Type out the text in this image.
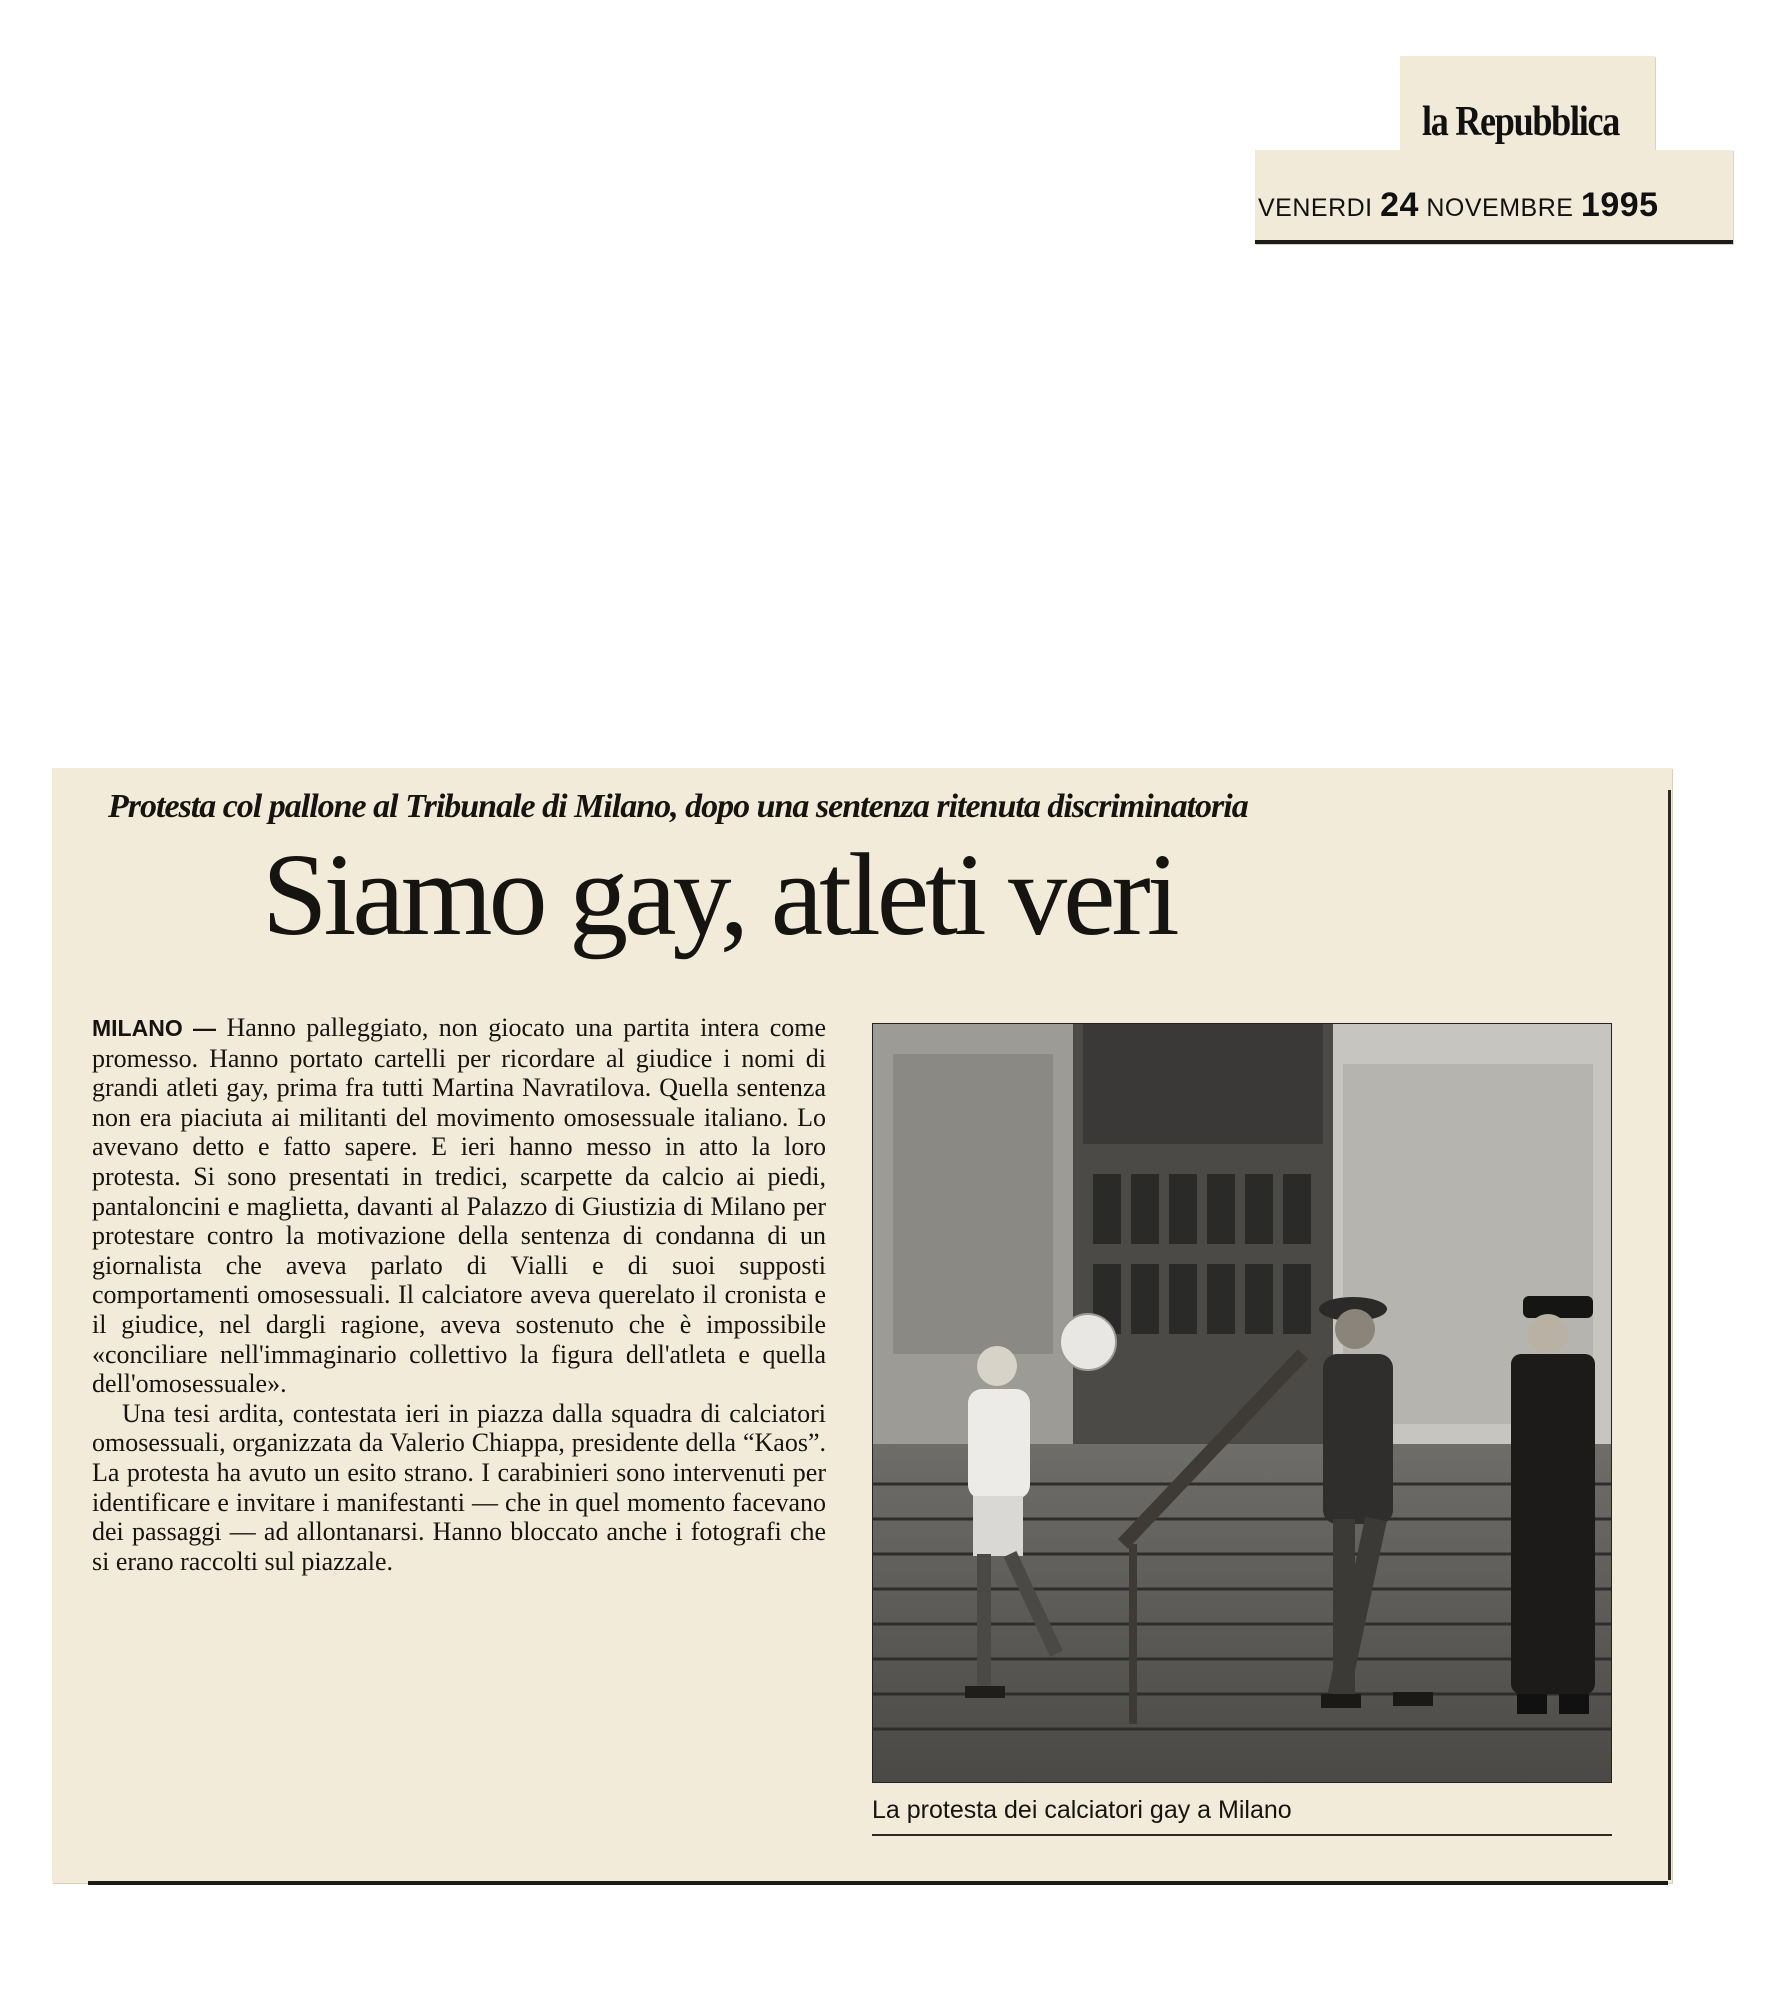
la Repubblica
VENERDI 24 NOVEMBRE 1995
Protesta col pallone al Tribunale di Milano, dopo una sentenza ritenuta discriminatoria
Siamo gay, atleti veri

MILANO — Hanno palleggiato, non giocato una partita intera come promesso. Hanno portato cartelli per ricordare al giudice i nomi di grandi atleti gay, prima fra tutti Martina Navratilova. Quella sentenza non era piaciuta ai militanti del movimento omosessuale italiano. Lo avevano detto e fatto sapere. E ieri hanno messo in atto la loro protesta. Si sono presentati in tredici, scarpette da calcio ai piedi, pantaloncini e maglietta, davanti al Palazzo di Giustizia di Milano per protestare contro la motivazione della sentenza di condanna di un giornalista che aveva parlato di Vialli e di suoi supposti comportamenti omosessuali. Il calciatore aveva querelato il cronista e il giudice, nel dargli ragione, aveva sostenuto che è impossibile «conciliare nell'immaginario collettivo la figura dell'atleta e quella dell'omosessuale».

Una tesi ardita, contestata ieri in piazza dalla squadra di calciatori omosessuali, organizzata da Valerio Chiappa, presidente della “Kaos”. La protesta ha avuto un esito strano. I carabinieri sono intervenuti per identificare e invitare i manifestanti — che in quel momento facevano dei passaggi — ad allontanarsi. Hanno bloccato anche i fotografi che si erano raccolti sul piazzale.

La protesta dei calciatori gay a Milano
